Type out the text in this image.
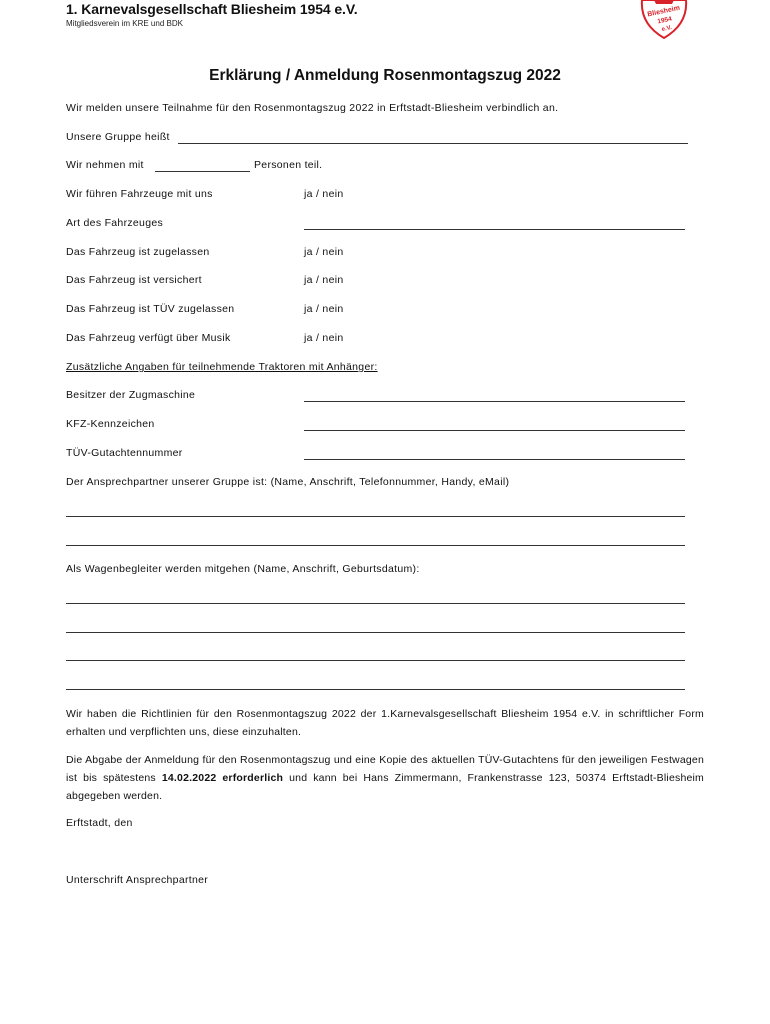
1. Karnevalsgesellschaft Bliesheim 1954 e.V.
Mitgliedsverein im KRE und BDK
Bliesheim
1954
e.V.
Erklärung / Anmeldung Rosenmontagszug 2022
Wir melden unsere Teilnahme für den Rosenmontagszug 2022 in Erftstadt-Bliesheim verbindlich an.
Unsere Gruppe heißt
Wir nehmen mit	Personen teil.
Wir führen Fahrzeuge mit uns	ja / nein
Art des Fahrzeuges
Das Fahrzeug ist zugelassen	ja / nein
Das Fahrzeug ist versichert	ja / nein
Das Fahrzeug ist TÜV zugelassen	ja / nein
Das Fahrzeug verfügt über Musik	ja / nein
Zusätzliche Angaben für teilnehmende Traktoren mit Anhänger:
Besitzer der Zugmaschine
KFZ-Kennzeichen
TÜV-Gutachtennummer
Der Ansprechpartner unserer Gruppe ist: (Name, Anschrift, Telefonnummer, Handy, eMail)
Als Wagenbegleiter werden mitgehen (Name, Anschrift, Geburtsdatum):
Wir haben die Richtlinien für den Rosenmontagszug 2022 der 1.Karnevalsgesellschaft Bliesheim 1954 e.V. in schriftlicher Form erhalten und verpflichten uns, diese einzuhalten.
Die Abgabe der Anmeldung für den Rosenmontagszug und eine Kopie des aktuellen TÜV-Gutachtens für den jeweiligen Festwagen ist bis spätestens 14.02.2022 erforderlich und kann bei Hans Zimmermann, Frankenstrasse 123, 50374 Erftstadt-Bliesheim abgegeben werden.
Erftstadt, den
Unterschrift Ansprechpartner
